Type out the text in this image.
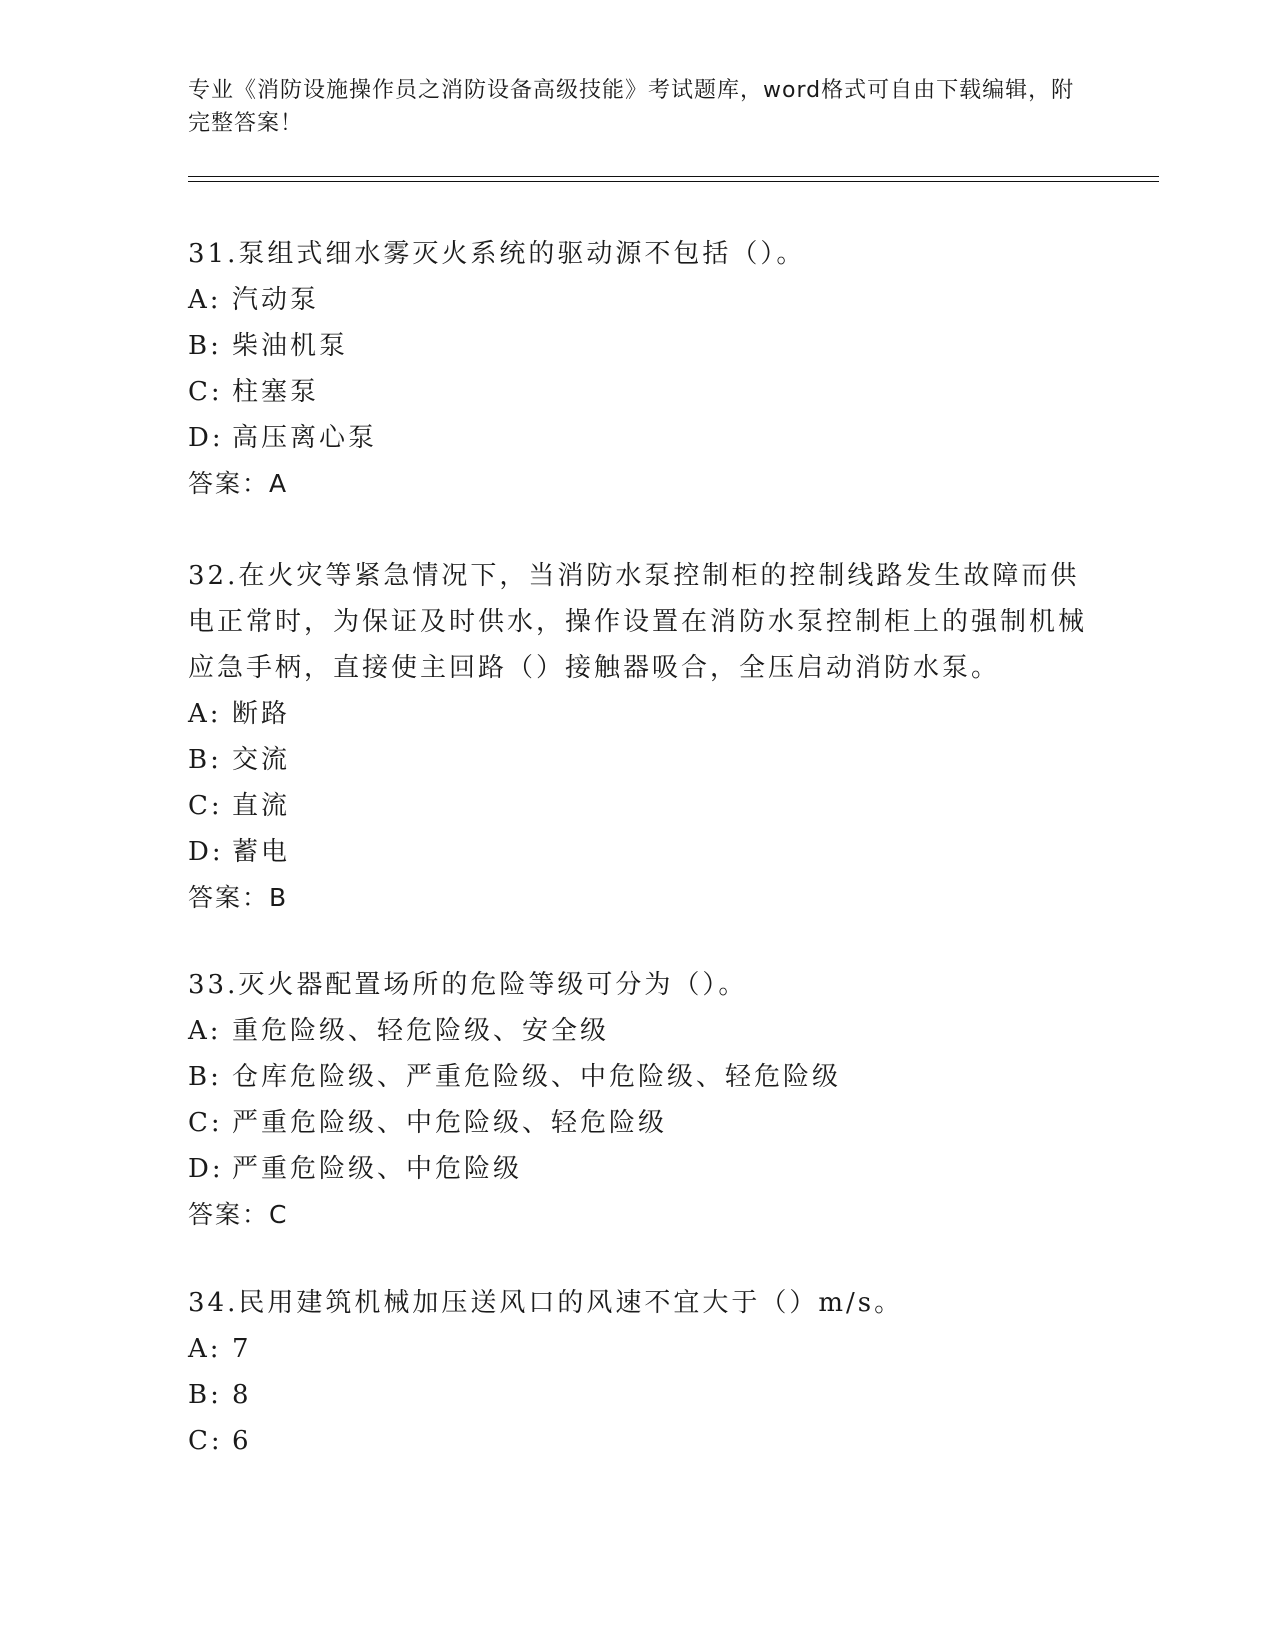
专业《消防设施操作员之消防设备高级技能》考试题库，word格式可自由下载编辑，附完整答案！
31.泵组式细水雾灭火系统的驱动源不包括（）。
A: 汽动泵
B: 柴油机泵
C: 柱塞泵
D: 高压离心泵
答案：A
32.在火灾等紧急情况下，当消防水泵控制柜的控制线路发生故障而供电正常时，为保证及时供水，操作设置在消防水泵控制柜上的强制机械应急手柄，直接使主回路（）接触器吸合，全压启动消防水泵。
A: 断路
B: 交流
C: 直流
D: 蓄电
答案：B
33.灭火器配置场所的危险等级可分为（）。
A: 重危险级、轻危险级、安全级
B: 仓库危险级、严重危险级、中危险级、轻危险级
C: 严重危险级、中危险级、轻危险级
D: 严重危险级、中危险级
答案：C
34.民用建筑机械加压送风口的风速不宜大于（）m/s。
A: 7
B: 8
C: 6
